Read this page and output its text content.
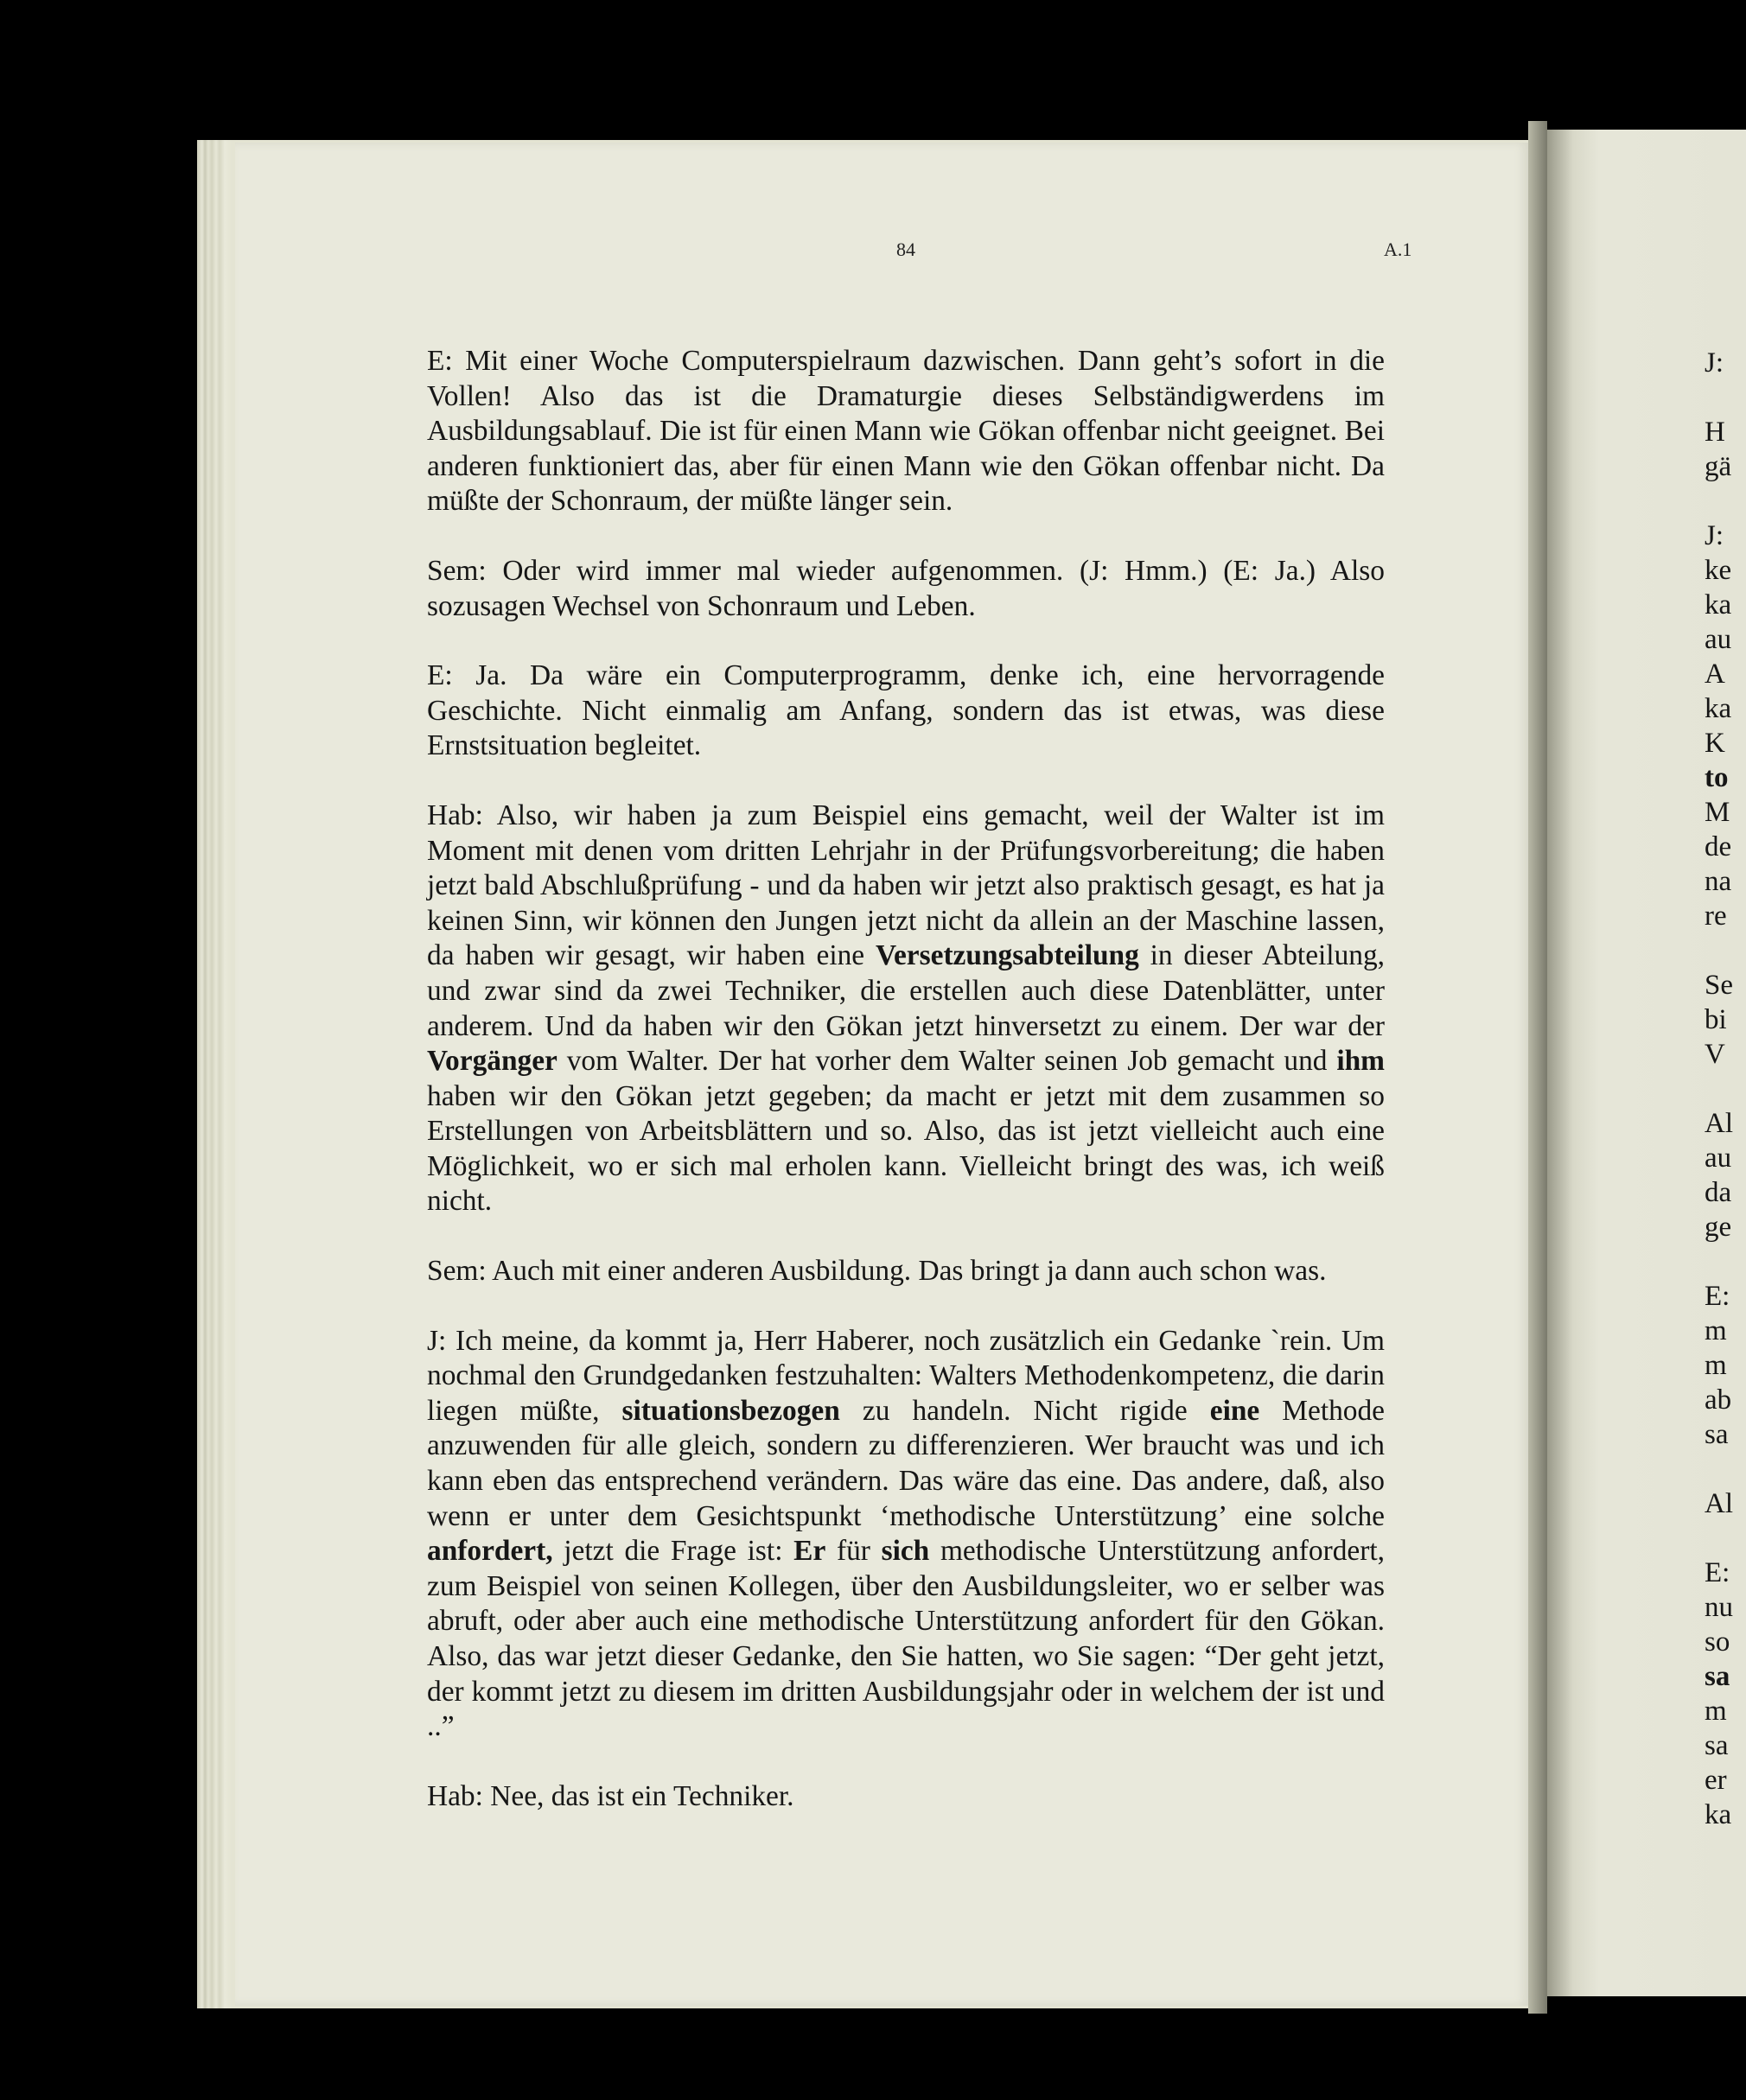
84	A.1

E: Mit einer Woche Computerspielraum dazwischen. Dann geht’s sofort in die Vollen! Also das ist die Dramaturgie dieses Selbständigwerdens im Ausbildungsablauf. Die ist für einen Mann wie Gökan offenbar nicht geeignet. Bei anderen funktioniert das, aber für einen Mann wie den Gökan offenbar nicht. Da müßte der Schonraum, der müßte länger sein.

Sem: Oder wird immer mal wieder aufgenommen. (J: Hmm.) (E: Ja.) Also sozusagen Wechsel von Schonraum und Leben.

E: Ja. Da wäre ein Computerprogramm, denke ich, eine hervorragende Geschichte. Nicht einmalig am Anfang, sondern das ist etwas, was diese Ernstsituation begleitet.

Hab: Also, wir haben ja zum Beispiel eins gemacht, weil der Walter ist im Moment mit denen vom dritten Lehrjahr in der Prüfungsvorbereitung; die haben jetzt bald Abschlußprüfung - und da haben wir jetzt also praktisch gesagt, es hat ja keinen Sinn, wir können den Jungen jetzt nicht da allein an der Maschine lassen, da haben wir gesagt, wir haben eine Versetzungsabteilung in dieser Abteilung, und zwar sind da zwei Techniker, die erstellen auch diese Datenblätter, unter anderem. Und da haben wir den Gökan jetzt hinversetzt zu einem. Der war der Vorgänger vom Walter. Der hat vorher dem Walter seinen Job gemacht und ihm haben wir den Gökan jetzt gegeben; da macht er jetzt mit dem zusammen so Erstellungen von Arbeitsblättern und so. Also, das ist jetzt vielleicht auch eine Möglichkeit, wo er sich mal erholen kann. Vielleicht bringt des was, ich weiß nicht.

Sem: Auch mit einer anderen Ausbildung. Das bringt ja dann auch schon was.

J: Ich meine, da kommt ja, Herr Haberer, noch zusätzlich ein Gedanke `rein. Um nochmal den Grundgedanken festzuhalten: Walters Methodenkompetenz, die darin liegen müßte, situationsbezogen zu handeln. Nicht rigide eine Methode anzuwenden für alle gleich, sondern zu differenzieren. Wer braucht was und ich kann eben das entsprechend verändern. Das wäre das eine. Das andere, daß, also wenn er unter dem Gesichtspunkt ‘methodische Unterstützung’ eine solche anfordert, jetzt die Frage ist: Er für sich methodische Unterstützung anfordert, zum Beispiel von seinen Kollegen, über den Ausbildungsleiter, wo er selber was abruft, oder aber auch eine methodische Unterstützung anfordert für den Gökan. Also, das war jetzt dieser Gedanke, den Sie hatten, wo Sie sagen: “Der geht jetzt, der kommt jetzt zu diesem im dritten Ausbildungsjahr oder in welchem der ist und ..”

Hab: Nee, das ist ein Techniker.

J:
H
gä
J:
ke
ka
au
A
ka
K
to
M
de
na
re
Se
bi
V
Al
au
da
ge
E:
m
m
ab
sa
Al
E:
nu
so
sa
m
sa
er
ka
